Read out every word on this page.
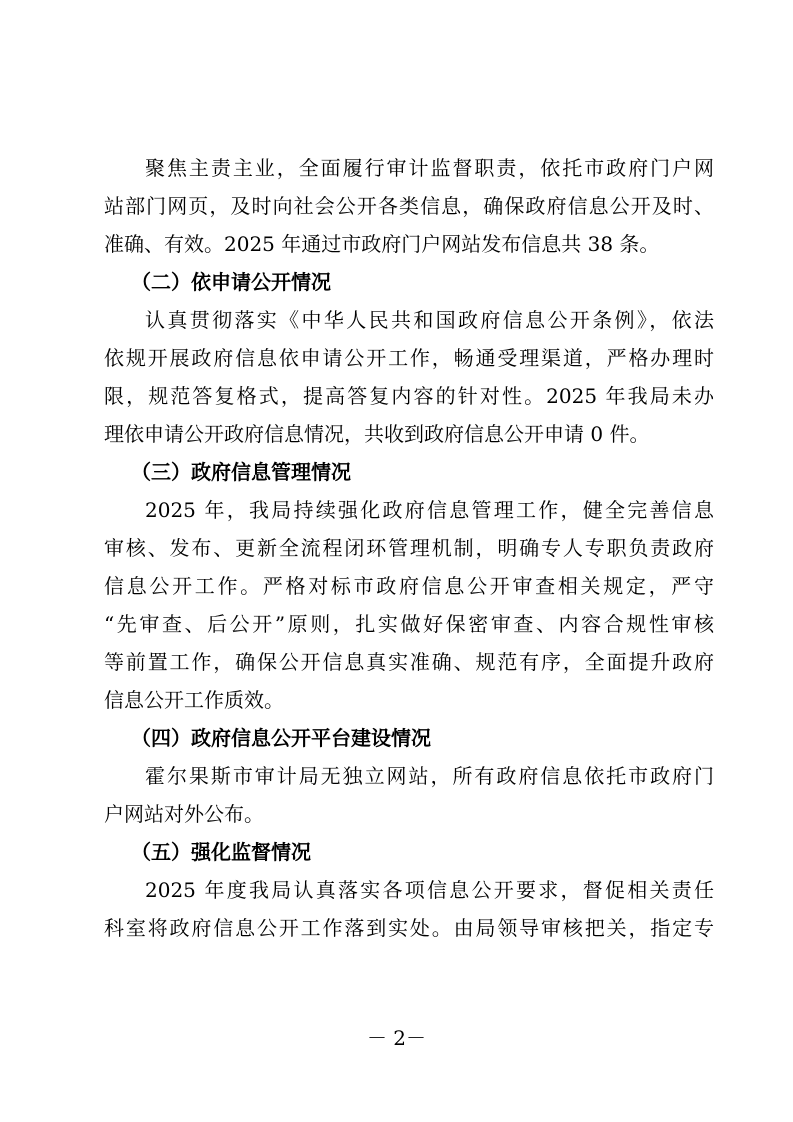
聚焦主责主业，全面履行审计监督职责，依托市政府门户网
站部门网页，及时向社会公开各类信息，确保政府信息公开及时、
准确、有效。2025 年通过市政府门户网站发布信息共 38 条。
（二）依申请公开情况
认真贯彻落实《中华人民共和国政府信息公开条例》，依法
依规开展政府信息依申请公开工作，畅通受理渠道，严格办理时
限，规范答复格式，提高答复内容的针对性。2025 年我局未办
理依申请公开政府信息情况，共收到政府信息公开申请 0 件。
（三）政府信息管理情况
2025 年，我局持续强化政府信息管理工作，健全完善信息
审核、发布、更新全流程闭环管理机制，明确专人专职负责政府
信息公开工作。严格对标市政府信息公开审查相关规定，严守
“先审查、后公开”原则，扎实做好保密审查、内容合规性审核
等前置工作，确保公开信息真实准确、规范有序，全面提升政府
信息公开工作质效。
（四）政府信息公开平台建设情况
霍尔果斯市审计局无独立网站，所有政府信息依托市政府门
户网站对外公布。
（五）强化监督情况
2025 年度我局认真落实各项信息公开要求，督促相关责任
科室将政府信息公开工作落到实处。由局领导审核把关，指定专
－ 2－
